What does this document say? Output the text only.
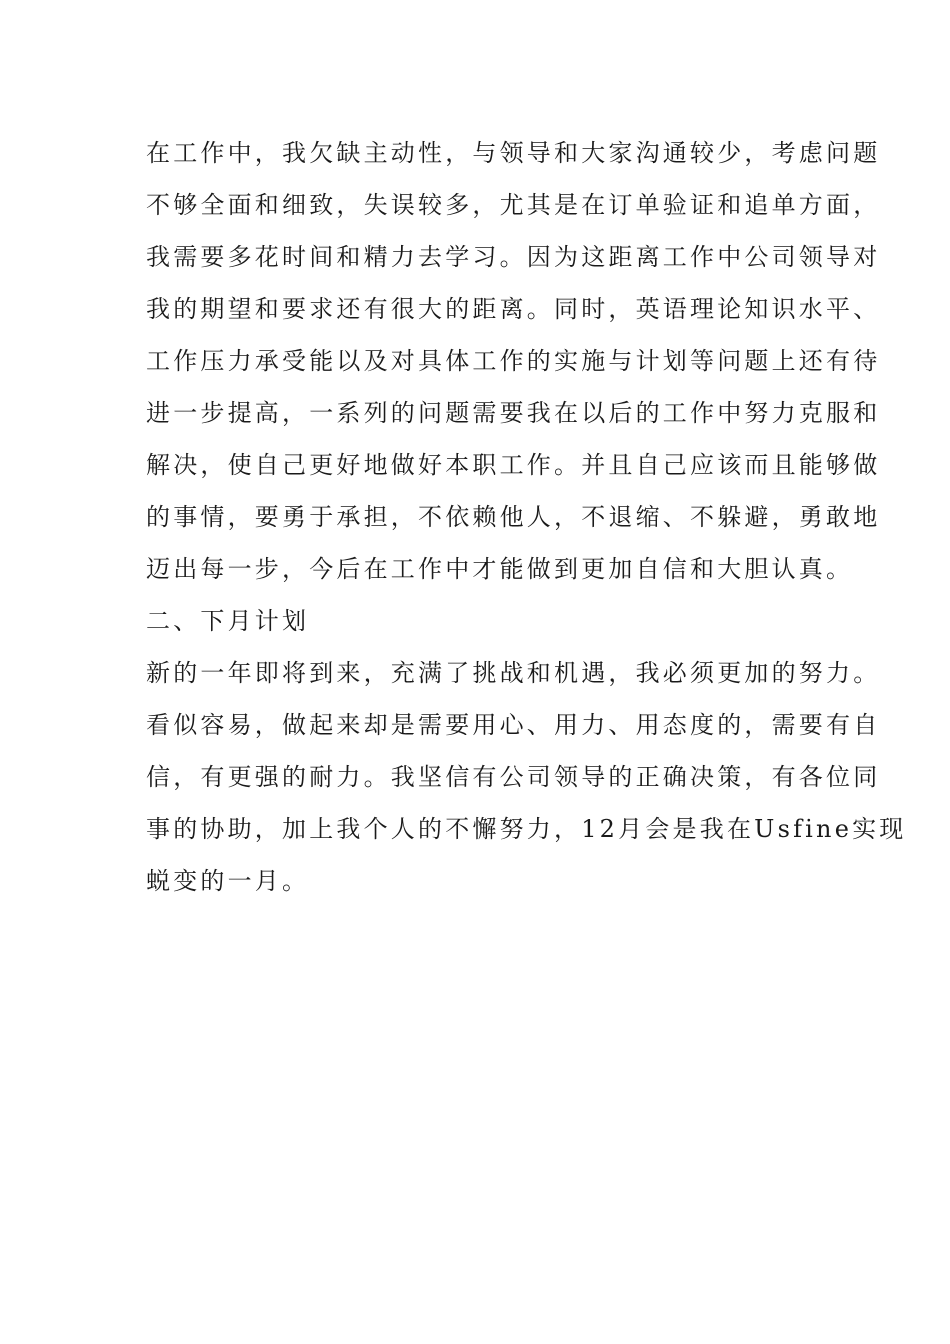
在工作中，我欠缺主动性，与领导和大家沟通较少，考虑问题
不够全面和细致，失误较多，尤其是在订单验证和追单方面，
我需要多花时间和精力去学习。因为这距离工作中公司领导对
我的期望和要求还有很大的距离。同时，英语理论知识水平、
工作压力承受能以及对具体工作的实施与计划等问题上还有待
进一步提高，一系列的问题需要我在以后的工作中努力克服和
解决，使自己更好地做好本职工作。并且自己应该而且能够做
的事情，要勇于承担，不依赖他人，不退缩、不躲避，勇敢地
迈出每一步，今后在工作中才能做到更加自信和大胆认真。
二、下月计划
新的一年即将到来，充满了挑战和机遇，我必须更加的努力。
看似容易，做起来却是需要用心、用力、用态度的，需要有自
信，有更强的耐力。我坚信有公司领导的正确决策，有各位同
事的协助，加上我个人的不懈努力，12月会是我在Usfine实现
蜕变的一月。
